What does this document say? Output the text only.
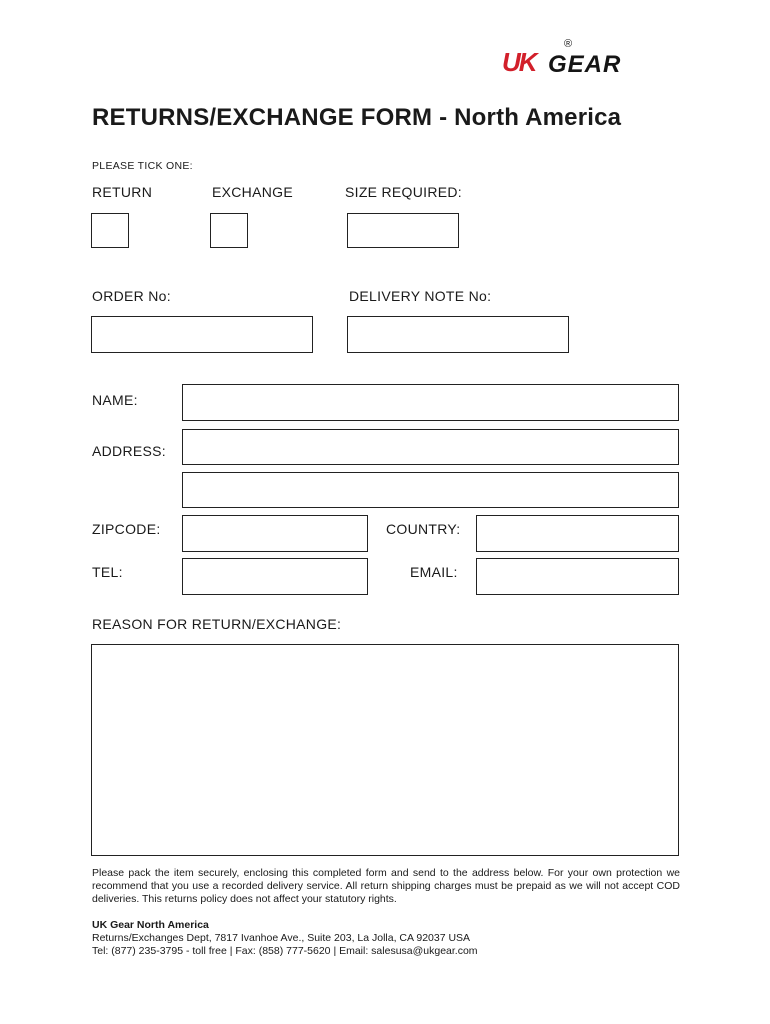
UK
®
GEAR
RETURNS/EXCHANGE FORM - North America
PLEASE TICK ONE:
RETURN	EXCHANGE	SIZE REQUIRED:
ORDER No:	DELIVERY NOTE No:
NAME:
ADDRESS:
ZIPCODE:	COUNTRY:
TEL:	EMAIL:
REASON FOR RETURN/EXCHANGE:
Please pack the item securely, enclosing this completed form and send to the address below. For your own protection we recommend that you use a recorded delivery service. All return shipping charges must be prepaid as we will not accept COD deliveries. This returns policy does not affect your statutory rights.
UK Gear North America
Returns/Exchanges Dept, 7817 Ivanhoe Ave., Suite 203, La Jolla, CA 92037 USA
Tel: (877) 235-3795 - toll free | Fax: (858) 777-5620 | Email: salesusa@ukgear.com
